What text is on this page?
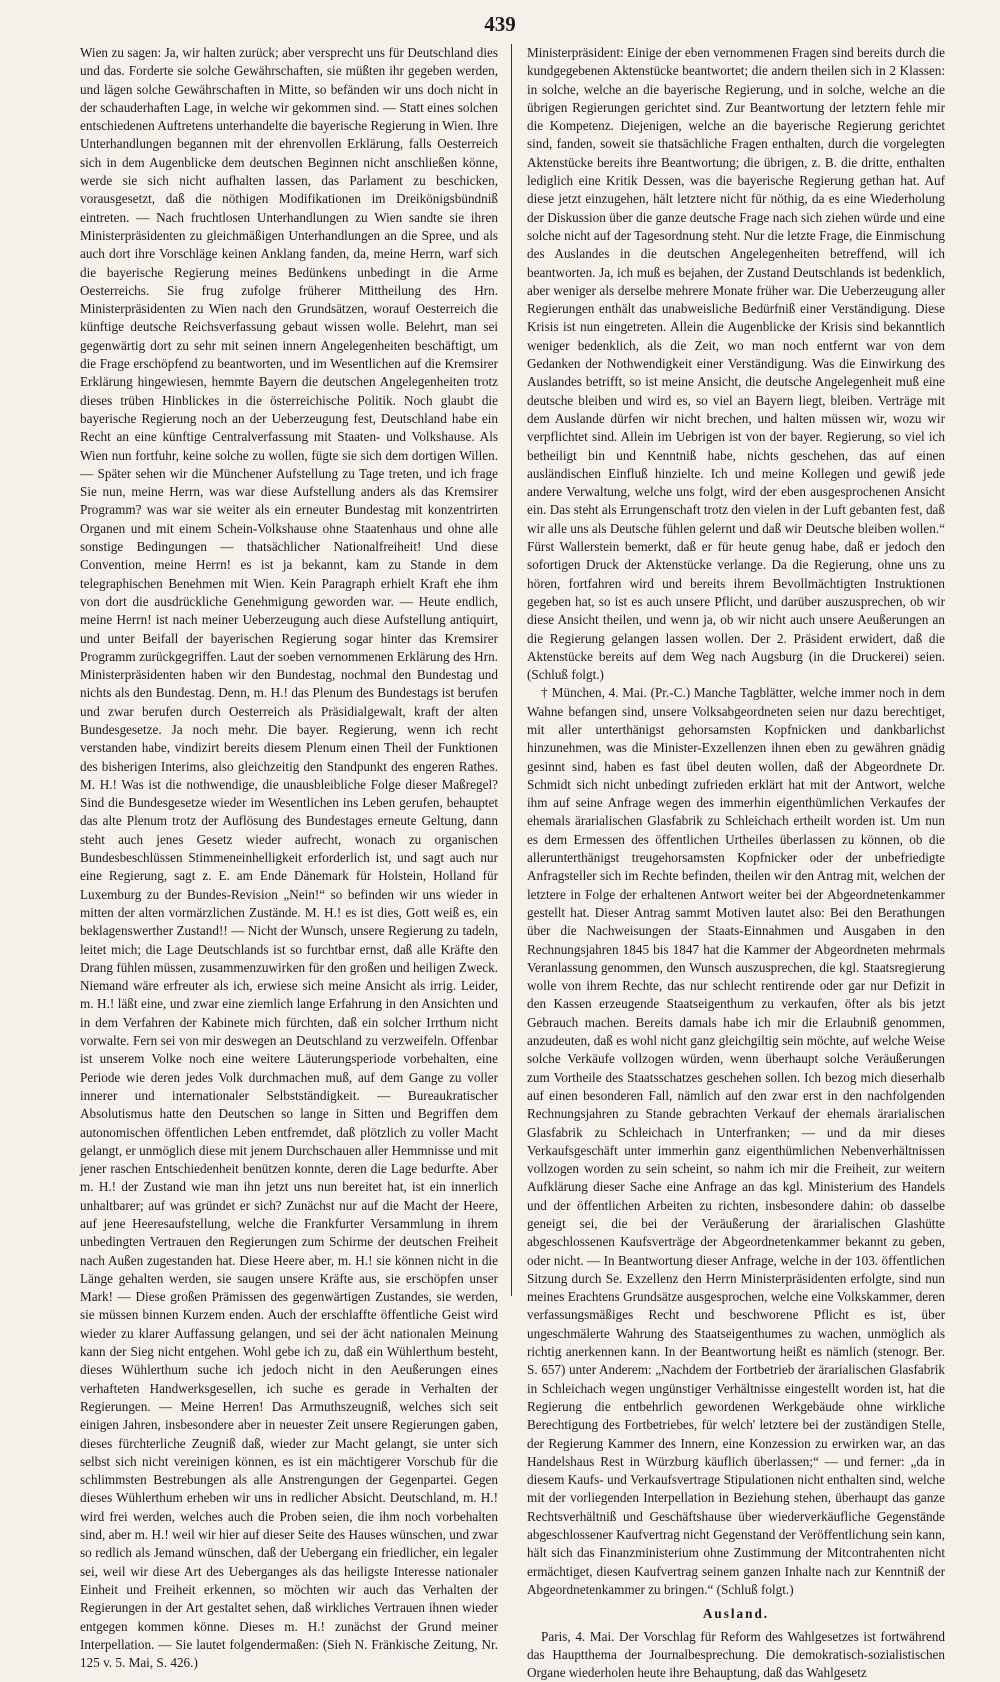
439

Wien zu sagen: Ja, wir halten zurück; aber versprecht uns für Deutschland dies und das. Forderte sie solche Gewährschaften, sie müßten ihr gegeben werden, und lägen solche Gewährschaften in Mitte, so befänden wir uns doch nicht in der schauderhaften Lage, in welche wir gekommen sind. — Statt eines solchen entschiedenen Auftretens unterhandelte die bayerische Regierung in Wien. Ihre Unterhandlungen begannen mit der ehrenvollen Erklärung, falls Oesterreich sich in dem Augenblicke dem deutschen Beginnen nicht anschließen könne, werde sie sich nicht aufhalten lassen, das Parlament zu beschicken, vorausgesetzt, daß die nöthigen Modifikationen im Dreikönigsbündniß eintreten. — Nach fruchtlosen Unterhandlungen zu Wien sandte sie ihren Ministerpräsidenten zu gleichmäßigen Unterhandlungen an die Spree, und als auch dort ihre Vorschläge keinen Anklang fanden, da, meine Herrn, warf sich die bayerische Regierung meines Bedünkens unbedingt in die Arme Oesterreichs. Sie frug zufolge früherer Mittheilung des Hrn. Ministerpräsidenten zu Wien nach den Grundsätzen, worauf Oesterreich die künftige deutsche Reichsverfassung gebaut wissen wolle. Belehrt, man sei gegenwärtig dort zu sehr mit seinen innern Angelegenheiten beschäftigt, um die Frage erschöpfend zu beantworten, und im Wesentlichen auf die Kremsirer Erklärung hingewiesen, hemmte Bayern die deutschen Angelegenheiten trotz dieses trüben Hinblickes in die österreichische Politik. Noch glaubt die bayerische Regierung noch an der Ueberzeugung fest, Deutschland habe ein Recht an eine künftige Centralverfassung mit Staaten- und Volkshause. Als Wien nun fortfuhr, keine solche zu wollen, fügte sie sich dem dortigen Willen. — Später sehen wir die Münchener Aufstellung zu Tage treten, und ich frage Sie nun, meine Herrn, was war diese Aufstellung anders als das Kremsirer Programm? was war sie weiter als ein erneuter Bundestag mit konzentrirten Organen und mit einem Schein-Volkshause ohne Staatenhaus und ohne alle sonstige Bedingungen — thatsächlicher Nationalfreiheit! Und diese Convention, meine Herrn! es ist ja bekannt, kam zu Stande in dem telegraphischen Benehmen mit Wien. Kein Paragraph erhielt Kraft ehe ihm von dort die ausdrückliche Genehmigung geworden war. — Heute endlich, meine Herrn! ist nach meiner Ueberzeugung auch diese Aufstellung antiquirt, und unter Beifall der bayerischen Regierung sogar hinter das Kremsirer Programm zurückgegriffen. Laut der soeben vernommenen Erklärung des Hrn. Ministerpräsidenten haben wir den Bundestag, nochmal den Bundestag und nichts als den Bundestag. Denn, m. H.! das Plenum des Bundestags ist berufen und zwar berufen durch Oesterreich als Präsidialgewalt, kraft der alten Bundesgesetze. Ja noch mehr. Die bayer. Regierung, wenn ich recht verstanden habe, vindizirt bereits diesem Plenum einen Theil der Funktionen des bisherigen Interims, also gleichzeitig den Standpunkt des engeren Rathes. M. H.! Was ist die nothwendige, die unausbleibliche Folge dieser Maßregel? Sind die Bundesgesetze wieder im Wesentlichen ins Leben gerufen, behauptet das alte Plenum trotz der Auflösung des Bundestages erneute Geltung, dann steht auch jenes Gesetz wieder aufrecht, wonach zu organischen Bundesbeschlüssen Stimmeneinhelligkeit erforderlich ist, und sagt auch nur eine Regierung, sagt z. E. am Ende Dänemark für Holstein, Holland für Luxemburg zu der Bundes-Revision „Nein!“ so befinden wir uns wieder in mitten der alten vormärzlichen Zustände. M. H.! es ist dies, Gott weiß es, ein beklagenswerther Zustand!! — Nicht der Wunsch, unsere Regierung zu tadeln, leitet mich; die Lage Deutschlands ist so furchtbar ernst, daß alle Kräfte den Drang fühlen müssen, zusammenzuwirken für den großen und heiligen Zweck. Niemand wäre erfreuter als ich, erwiese sich meine Ansicht als irrig. Leider, m. H.! läßt eine, und zwar eine ziemlich lange Erfahrung in den Ansichten und in dem Verfahren der Kabinete mich fürchten, daß ein solcher Irrthum nicht vorwalte. Fern sei von mir deswegen an Deutschland zu verzweifeln. Offenbar ist unserem Volke noch eine weitere Läuterungsperiode vorbehalten, eine Periode wie deren jedes Volk durchmachen muß, auf dem Gange zu voller innerer und internationaler Selbstständigkeit. — Bureaukratischer Absolutismus hatte den Deutschen so lange in Sitten und Begriffen dem autonomischen öffentlichen Leben entfremdet, daß plötzlich zu voller Macht gelangt, er unmöglich diese mit jenem Durchschauen aller Hemmnisse und mit jener raschen Entschiedenheit benützen konnte, deren die Lage bedurfte. Aber m. H.! der Zustand wie man ihn jetzt uns nun bereitet hat, ist ein innerlich unhaltbarer; auf was gründet er sich? Zunächst nur auf die Macht der Heere, auf jene Heeresaufstellung, welche die Frankfurter Versammlung in ihrem unbedingten Vertrauen den Regierungen zum Schirme der deutschen Freiheit nach Außen zugestanden hat. Diese Heere aber, m. H.! sie können nicht in die Länge gehalten werden, sie saugen unsere Kräfte aus, sie erschöpfen unser Mark! — Diese großen Prämissen des gegenwärtigen Zustandes, sie werden, sie müssen binnen Kurzem enden. Auch der erschlaffte öffentliche Geist wird wieder zu klarer Auffassung gelangen, und sei der ächt nationalen Meinung kann der Sieg nicht entgehen. Wohl gebe ich zu, daß ein Wühlerthum besteht, dieses Wühlerthum suche ich jedoch nicht in den Aeußerungen eines verhafteten Handwerksgesellen, ich suche es gerade in Verhalten der Regierungen. — Meine Herren! Das Armuthszeugniß, welches sich seit einigen Jahren, insbesondere aber in neuester Zeit unsere Regierungen gaben, dieses fürchterliche Zeugniß daß, wieder zur Macht gelangt, sie unter sich selbst sich nicht vereinigen können, es ist ein mächtigerer Vorschub für die schlimmsten Bestrebungen als alle Anstrengungen der Gegenpartei. Gegen dieses Wühlerthum erheben wir uns in redlicher Absicht. Deutschland, m. H.! wird frei werden, welches auch die Proben seien, die ihm noch vorbehalten sind, aber m. H.! weil wir hier auf dieser Seite des Hauses wünschen, und zwar so redlich als Jemand wünschen, daß der Uebergang ein friedlicher, ein legaler sei, weil wir diese Art des Ueberganges als das heiligste Interesse nationaler Einheit und Freiheit erkennen, so möchten wir auch das Verhalten der Regierungen in der Art gestaltet sehen, daß wirkliches Vertrauen ihnen wieder entgegen kommen könne. Dieses m. H.! zunächst der Grund meiner Interpellation. — Sie lautet folgendermaßen: (Sieh N. Fränkische Zeitung, Nr. 125 v. 5. Mai, S. 426.)

Ministerpräsident: Einige der eben vernommenen Fragen sind bereits durch die kundgegebenen Aktenstücke beantwortet; die andern theilen sich in 2 Klassen: in solche, welche an die bayerische Regierung, und in solche, welche an die übrigen Regierungen gerichtet sind. Zur Beantwortung der letztern fehle mir die Kompetenz. Diejenigen, welche an die bayerische Regierung gerichtet sind, fanden, soweit sie thatsächliche Fragen enthalten, durch die vorgelegten Aktenstücke bereits ihre Beantwortung; die übrigen, z. B. die dritte, enthalten lediglich eine Kritik Dessen, was die bayerische Regierung gethan hat. Auf diese jetzt einzugehen, hält letztere nicht für nöthig, da es eine Wiederholung der Diskussion über die ganze deutsche Frage nach sich ziehen würde und eine solche nicht auf der Tagesordnung steht. Nur die letzte Frage, die Einmischung des Auslandes in die deutschen Angelegenheiten betreffend, will ich beantworten. Ja, ich muß es bejahen, der Zustand Deutschlands ist bedenklich, aber weniger als derselbe mehrere Monate früher war. Die Ueberzeugung aller Regierungen enthält das unabweisliche Bedürfniß einer Verständigung. Diese Krisis ist nun eingetreten. Allein die Augenblicke der Krisis sind bekanntlich weniger bedenklich, als die Zeit, wo man noch entfernt war von dem Gedanken der Nothwendigkeit einer Verständigung. Was die Einwirkung des Auslandes betrifft, so ist meine Ansicht, die deutsche Angelegenheit muß eine deutsche bleiben und wird es, so viel an Bayern liegt, bleiben. Verträge mit dem Auslande dürfen wir nicht brechen, und halten müssen wir, wozu wir verpflichtet sind. Allein im Uebrigen ist von der bayer. Regierung, so viel ich betheiligt bin und Kenntniß habe, nichts geschehen, das auf einen ausländischen Einfluß hinzielte. Ich und meine Kollegen und gewiß jede andere Verwaltung, welche uns folgt, wird der eben ausgesprochenen Ansicht ein. Das steht als Errungenschaft trotz den vielen in der Luft gebanten fest, daß wir alle uns als Deutsche fühlen gelernt und daß wir Deutsche bleiben wollen.“ Fürst Wallerstein bemerkt, daß er für heute genug habe, daß er jedoch den sofortigen Druck der Aktenstücke verlange. Da die Regierung, ohne uns zu hören, fortfahren wird und bereits ihrem Bevollmächtigten Instruktionen gegeben hat, so ist es auch unsere Pflicht, und darüber auszusprechen, ob wir diese Ansicht theilen, und wenn ja, ob wir nicht auch unsere Aeußerungen an die Regierung gelangen lassen wollen. Der 2. Präsident erwidert, daß die Aktenstücke bereits auf dem Weg nach Augsburg (in die Druckerei) seien. (Schluß folgt.)

† München, 4. Mai. (Pr.-C.) Manche Tagblätter, welche immer noch in dem Wahne befangen sind, unsere Volksabgeordneten seien nur dazu berechtiget, mit aller unterthänigst gehorsamsten Kopfnicken und dankbarlichst hinzunehmen, was die Minister-Exzellenzen ihnen eben zu gewähren gnädig gesinnt sind, haben es fast übel deuten wollen, daß der Abgeordnete Dr. Schmidt sich nicht unbedingt zufrieden erklärt hat mit der Antwort, welche ihm auf seine Anfrage wegen des immerhin eigenthümlichen Verkaufes der ehemals ärarialischen Glasfabrik zu Schleichach ertheilt worden ist. Um nun es dem Ermessen des öffentlichen Urtheiles überlassen zu können, ob die allerunterthänigst treugehorsamsten Kopfnicker oder der unbefriedigte Anfragsteller sich im Rechte befinden, theilen wir den Antrag mit, welchen der letztere in Folge der erhaltenen Antwort weiter bei der Abgeordnetenkammer gestellt hat. Dieser Antrag sammt Motiven lautet also: Bei den Berathungen über die Nachweisungen der Staats-Einnahmen und Ausgaben in den Rechnungsjahren 1845 bis 1847 hat die Kammer der Abgeordneten mehrmals Veranlassung genommen, den Wunsch auszusprechen, die kgl. Staatsregierung wolle von ihrem Rechte, das nur schlecht rentirende oder gar nur Defizit in den Kassen erzeugende Staatseigenthum zu verkaufen, öfter als bis jetzt Gebrauch machen. Bereits damals habe ich mir die Erlaubniß genommen, anzudeuten, daß es wohl nicht ganz gleichgiltig sein möchte, auf welche Weise solche Verkäufe vollzogen würden, wenn überhaupt solche Veräußerungen zum Vortheile des Staatsschatzes geschehen sollen. Ich bezog mich dieserhalb auf einen besonderen Fall, nämlich auf den zwar erst in den nachfolgenden Rechnungsjahren zu Stande gebrachten Verkauf der ehemals ärarialischen Glasfabrik zu Schleichach in Unterfranken; — und da mir dieses Verkaufsgeschäft unter immerhin ganz eigenthümlichen Nebenverhältnissen vollzogen worden zu sein scheint, so nahm ich mir die Freiheit, zur weitern Aufklärung dieser Sache eine Anfrage an das kgl. Ministerium des Handels und der öffentlichen Arbeiten zu richten, insbesondere dahin: ob dasselbe geneigt sei, die bei der Veräußerung der ärarialischen Glashütte abgeschlossenen Kaufsverträge der Abgeordnetenkammer bekannt zu geben, oder nicht. — In Beantwortung dieser Anfrage, welche in der 103. öffentlichen Sitzung durch Se. Exzellenz den Herrn Ministerpräsidenten erfolgte, sind nun meines Erachtens Grundsätze ausgesprochen, welche eine Volkskammer, deren verfassungsmäßiges Recht und beschworene Pflicht es ist, über ungeschmälerte Wahrung des Staatseigenthumes zu wachen, unmöglich als richtig anerkennen kann. In der Beantwortung heißt es nämlich (stenogr. Ber. S. 657) unter Anderem: „Nachdem der Fortbetrieb der ärarialischen Glasfabrik in Schleichach wegen ungünstiger Verhältnisse eingestellt worden ist, hat die Regierung die entbehrlich gewordenen Werkgebäude ohne wirkliche Berechtigung des Fortbetriebes, für welch' letztere bei der zuständigen Stelle, der Regierung Kammer des Innern, eine Konzession zu erwirken war, an das Handelshaus Rest in Würzburg käuflich überlassen;“ — und ferner: „da in diesem Kaufs- und Verkaufsvertrage Stipulationen nicht enthalten sind, welche mit der vorliegenden Interpellation in Beziehung stehen, überhaupt das ganze Rechtsverhältniß und Geschäftshause über wiederverkäufliche Gegenstände abgeschlossener Kaufvertrag nicht Gegenstand der Veröffentlichung sein kann, hält sich das Finanzministerium ohne Zustimmung der Mitcontrahenten nicht ermächtiget, diesen Kaufvertrag seinem ganzen Inhalte nach zur Kenntniß der Abgeordnetenkammer zu bringen.“ (Schluß folgt.)

Ausland.

Paris, 4. Mai. Der Vorschlag für Reform des Wahlgesetzes ist fortwährend das Hauptthema der Journalbesprechung. Die demokratisch-sozialistischen Organe wiederholen heute ihre Behauptung, daß das Wahlgesetz
